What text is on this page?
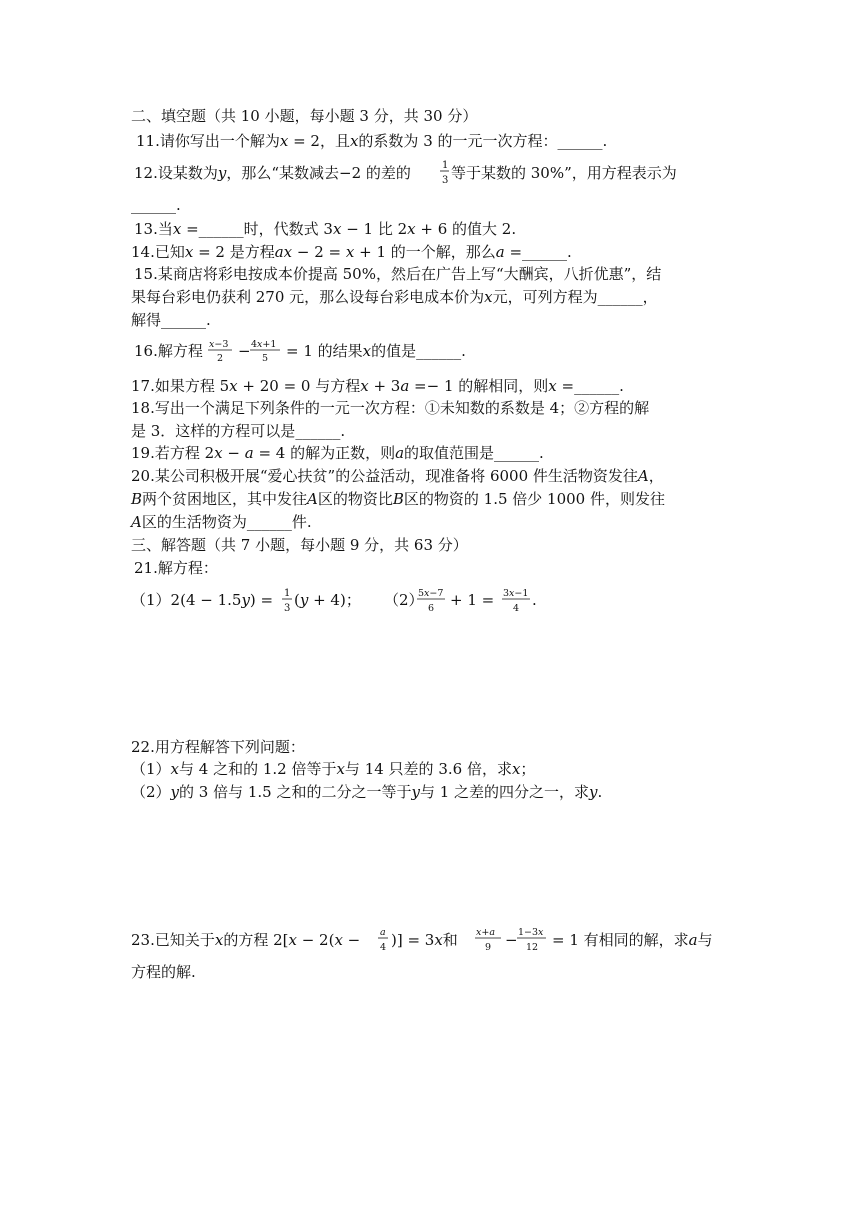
二、填空题（共 10 小题，每小题 3 分，共 30 分）
11.请你写出一个解为𝑥 = 2，且𝑥的系数为 3 的一元一次方程：______.
12.设某数为𝑦，那么“某数减去−2 的差的	1
3 等于某数的 30%”，用方程表示为
______.
13.当𝑥 =______时，代数式 3𝑥 − 1 比 2𝑥 + 6 的值大 2.
14.已知𝑥 = 2 是方程𝑎𝑥 − 2 = 𝑥 + 1 的一个解，那么𝑎 =______.
15.某商店将彩电按成本价提高 50%，然后在广告上写“大酬宾，八折优惠”，结
果每台彩电仍获利 270 元，那么设每台彩电成本价为𝑥元，可列方程为______，
解得______.
16.解方程 𝑥−3
2 − 4𝑥+1
5 = 1 的结果𝑥的值是______.
17.如果方程 5𝑥 + 20 = 0 与方程𝑥 + 3𝑎 =− 1 的解相同，则𝑥 =______.
18.写出一个满足下列条件的一元一次方程：①未知数的系数是 4；②方程的解
是 3．这样的方程可以是______.
19.若方程 2𝑥 − 𝑎 = 4 的解为正数，则𝑎的取值范围是______.
20.某公司积极开展“爱心扶贫”的公益活动，现准备将 6000 件生活物资发往𝐴，
𝐵两个贫困地区，其中发往𝐴区的物资比𝐵区的物资的 1.5 倍少 1000 件，则发往
𝐴区的生活物资为______件.
三、解答题（共 7 小题，每小题 9 分，共 63 分）
21.解方程：
（1）2(4 − 1.5𝑦) = 1
3 (𝑦 + 4)； （2）
5𝑥−7
6 + 1 = 3𝑥−1
4 .
22.用方程解答下列问题：
（1）𝑥与 4 之和的 1.2 倍等于𝑥与 14 只差的 3.6 倍，求𝑥；
（2）𝑦的 3 倍与 1.5 之和的二分之一等于𝑦与 1 之差的四分之一，求𝑦.
23.已知关于𝑥的方程 2[𝑥 − 2(𝑥 − 𝑎
4 )] = 3𝑥和 𝑥+𝑎
9 − 1−3𝑥
12 = 1 有相同的解，求𝑎与
方程的解.
